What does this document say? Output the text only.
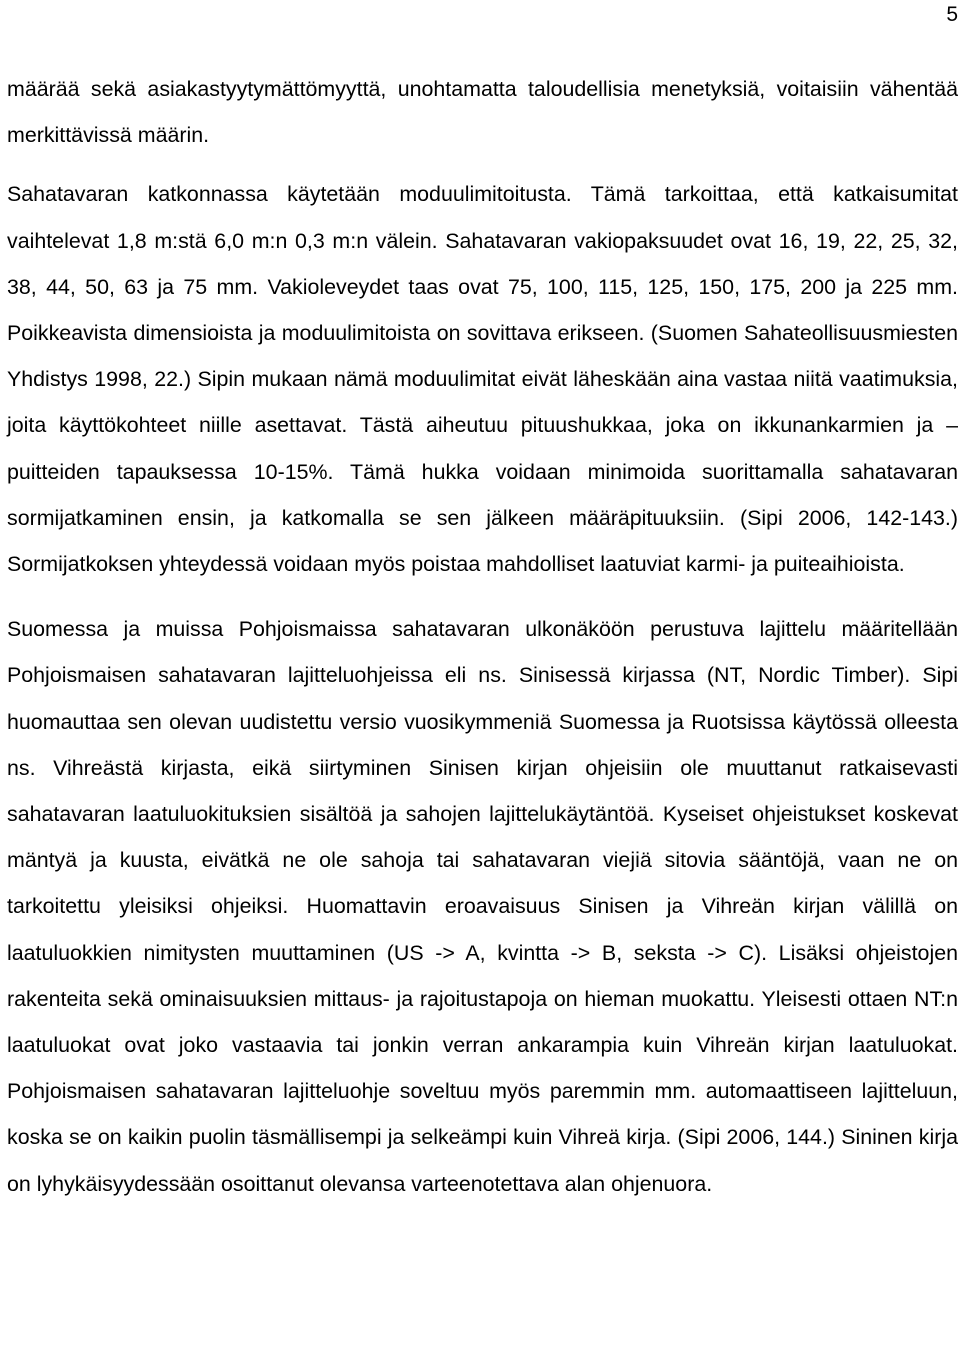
5

määrää sekä asiakastyytymättömyyttä, unohtamatta taloudellisia menetyksiä, voitaisiin vähentää merkittävissä määrin.

Sahatavaran katkonnassa käytetään moduulimitoitusta. Tämä tarkoittaa, että katkaisumitat vaihtelevat 1,8 m:stä 6,0 m:n 0,3 m:n välein. Sahatavaran vakiopaksuudet ovat 16, 19, 22, 25, 32, 38, 44, 50, 63 ja 75 mm. Vakioleveydet taas ovat 75, 100, 115, 125, 150, 175, 200 ja 225 mm. Poikkeavista dimensioista ja moduulimitoista on sovittava erikseen. (Suomen Sahateollisuusmiesten Yhdistys 1998, 22.) Sipin mukaan nämä moduulimitat eivät läheskään aina vastaa niitä vaatimuksia, joita käyttökohteet niille asettavat. Tästä aiheutuu pituushukkaa, joka on ikkunankarmien ja –puitteiden tapauksessa 10-15%. Tämä hukka voidaan minimoida suorittamalla sahatavaran sormijatkaminen ensin, ja katkomalla se sen jälkeen määräpituuksiin. (Sipi 2006, 142-143.) Sormijatkoksen yhteydessä voidaan myös poistaa mahdolliset laatuviat karmi- ja puiteaihioista.

Suomessa ja muissa Pohjoismaissa sahatavaran ulkonäköön perustuva lajittelu määritellään Pohjoismaisen sahatavaran lajitteluohjeissa eli ns. Sinisessä kirjassa (NT, Nordic Timber). Sipi huomauttaa sen olevan uudistettu versio vuosikymmeniä Suomessa ja Ruotsissa käytössä olleesta ns. Vihreästä kirjasta, eikä siirtyminen Sinisen kirjan ohjeisiin ole muuttanut ratkaisevasti sahatavaran laatuluokituksien sisältöä ja sahojen lajittelukäytäntöä. Kyseiset ohjeistukset koskevat mäntyä ja kuusta, eivätkä ne ole sahoja tai sahatavaran viejiä sitovia sääntöjä, vaan ne on tarkoitettu yleisiksi ohjeiksi. Huomattavin eroavaisuus Sinisen ja Vihreän kirjan välillä on laatuluokkien nimitysten muuttaminen (US -> A, kvintta -> B, seksta -> C). Lisäksi ohjeistojen rakenteita sekä ominaisuuksien mittaus- ja rajoitustapoja on hieman muokattu. Yleisesti ottaen NT:n laatuluokat ovat joko vastaavia tai jonkin verran ankarampia kuin Vihreän kirjan laatuluokat. Pohjoismaisen sahatavaran lajitteluohje soveltuu myös paremmin mm. automaattiseen lajitteluun, koska se on kaikin puolin täsmällisempi ja selkeämpi kuin Vihreä kirja. (Sipi 2006, 144.) Sininen kirja on lyhykäisyydessään osoittanut olevansa varteenotettava alan ohjenuora.
